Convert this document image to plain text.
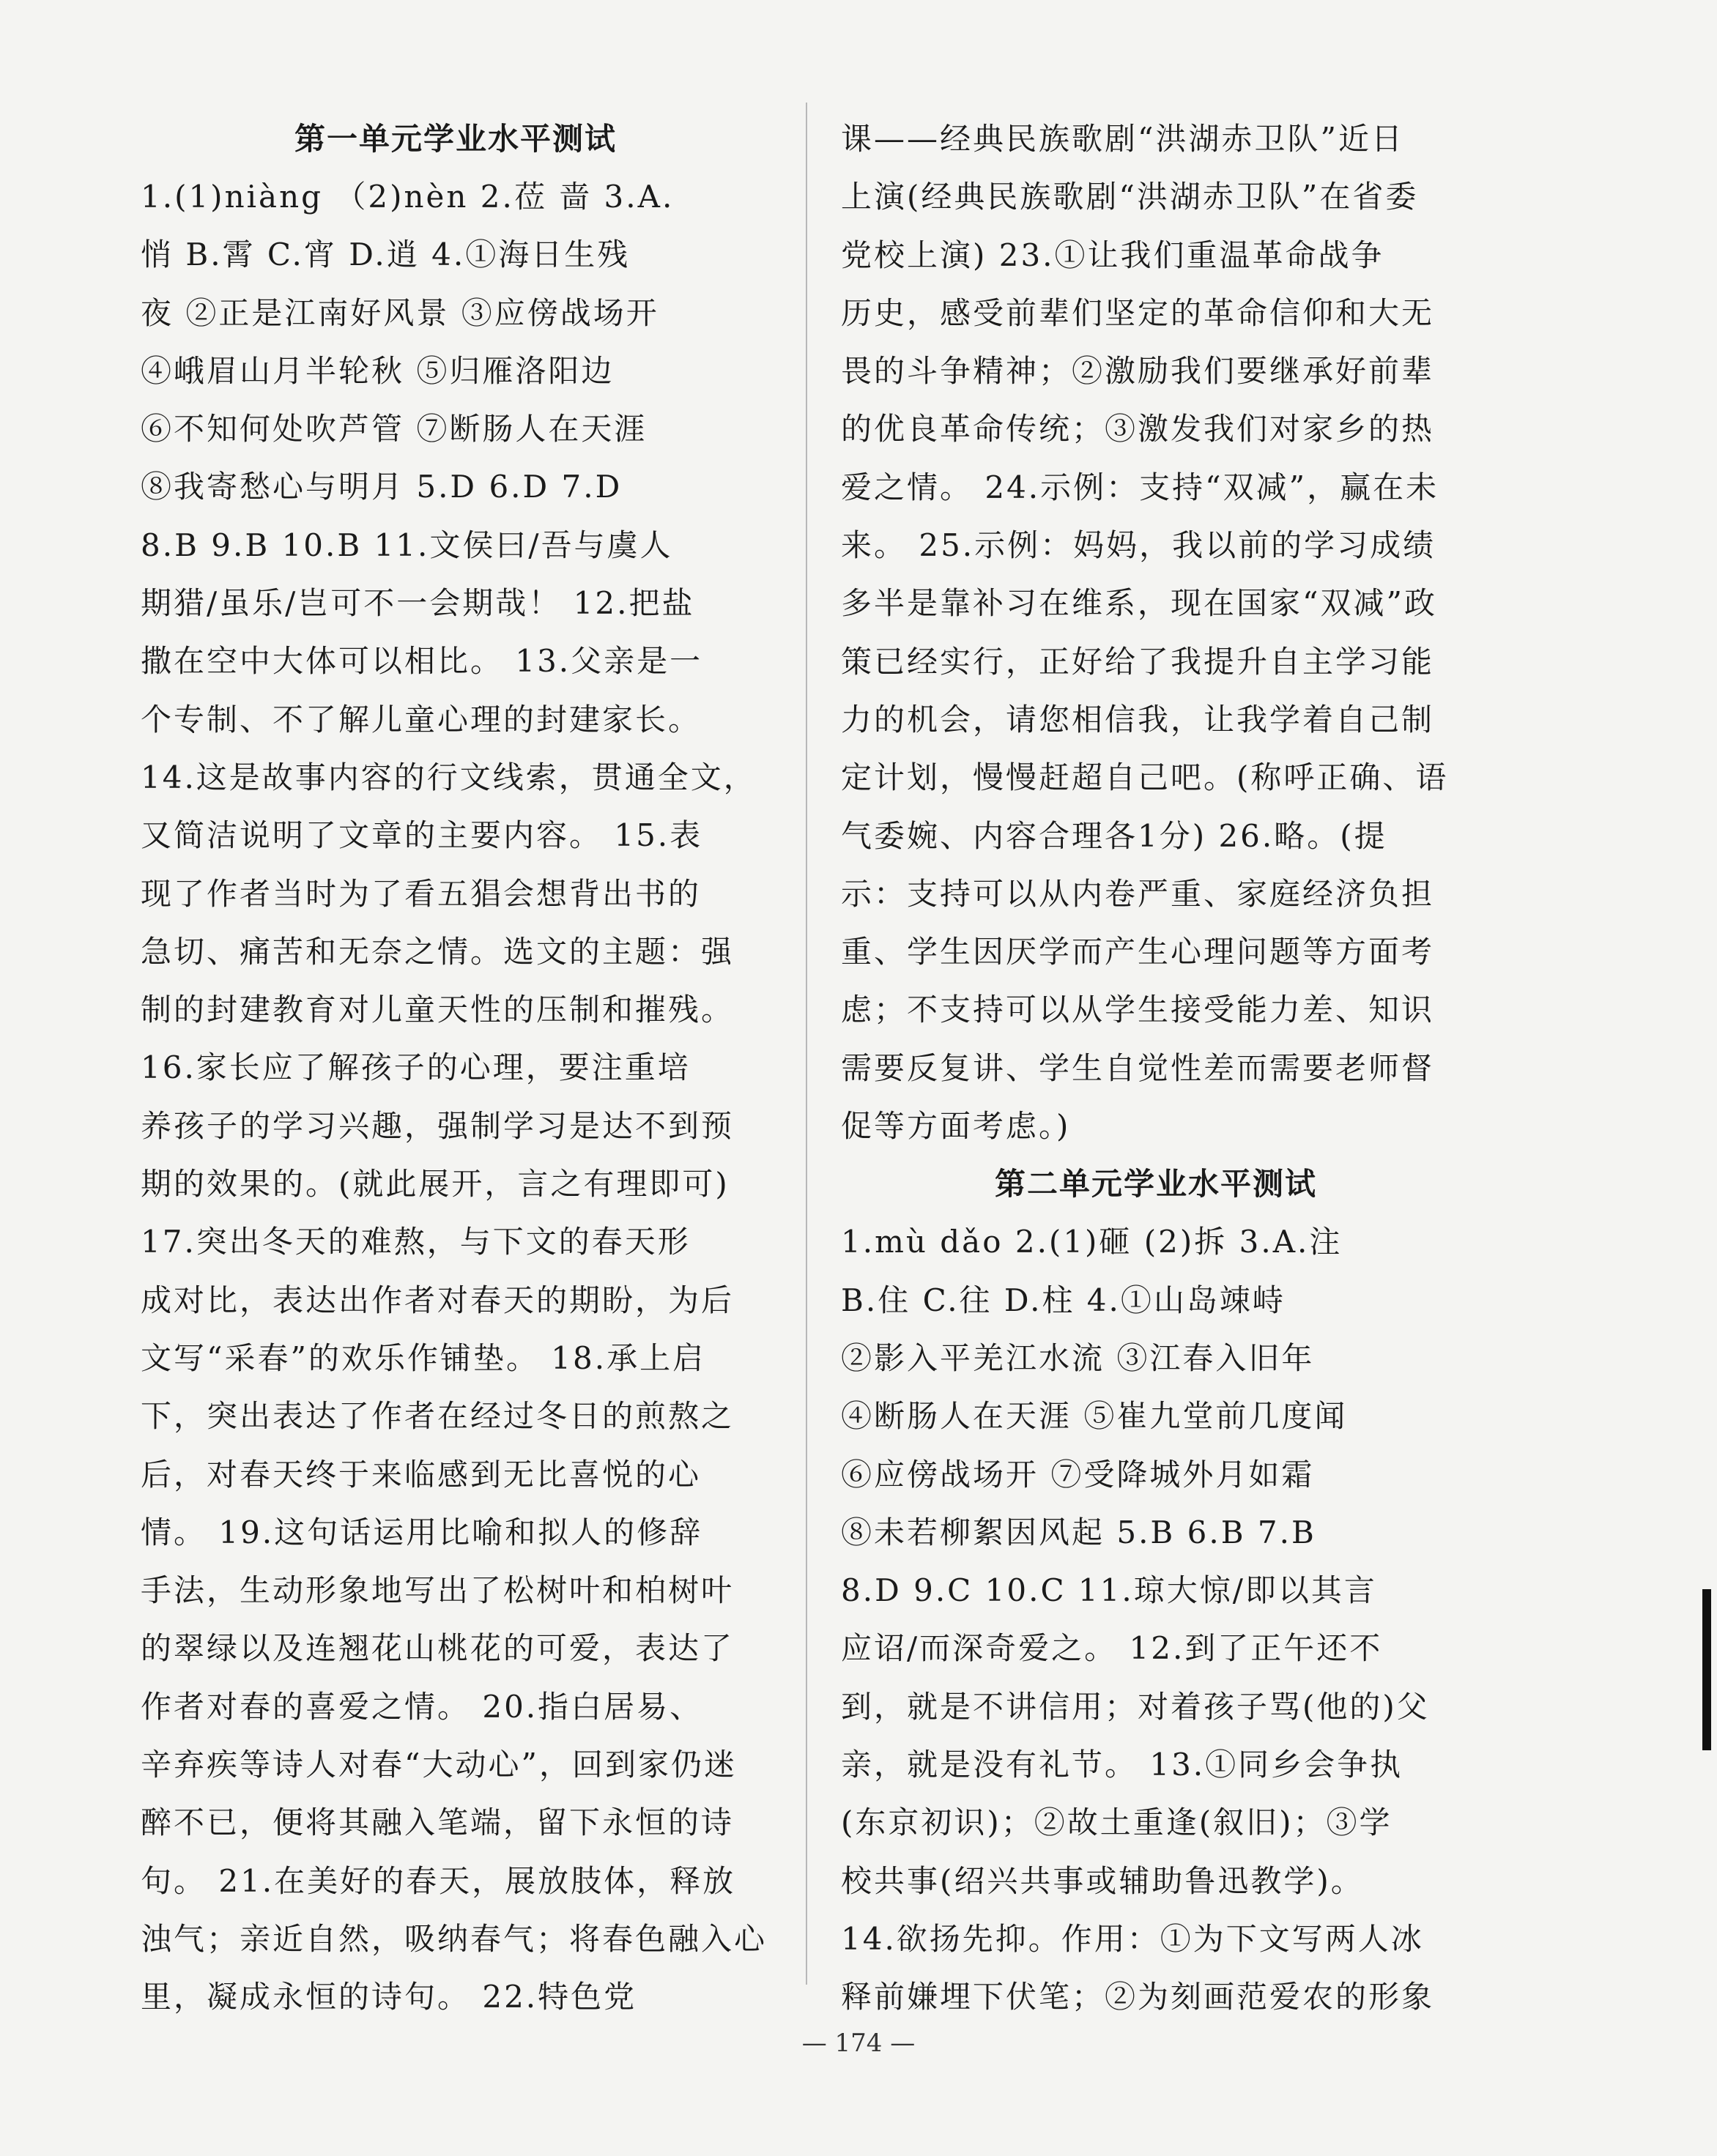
第一单元学业水平测试
1.(1)niàng （2)nèn 2.莅 啬 3.A.
悄 B.霄 C.宵 D.逍 4.①海日生残
夜 ②正是江南好风景 ③应傍战场开
④峨眉山月半轮秋 ⑤归雁洛阳边
⑥不知何处吹芦管 ⑦断肠人在天涯
⑧我寄愁心与明月 5.D 6.D 7.D
8.B 9.B 10.B 11.文侯曰/吾与虞人
期猎/虽乐/岂可不一会期哉！ 12.把盐
撒在空中大体可以相比。 13.父亲是一
个专制、不了解儿童心理的封建家长。
14.这是故事内容的行文线索，贯通全文，
又简洁说明了文章的主要内容。 15.表
现了作者当时为了看五猖会想背出书的
急切、痛苦和无奈之情。选文的主题：强
制的封建教育对儿童天性的压制和摧残。
16.家长应了解孩子的心理，要注重培
养孩子的学习兴趣，强制学习是达不到预
期的效果的。(就此展开，言之有理即可)
17.突出冬天的难熬，与下文的春天形
成对比，表达出作者对春天的期盼，为后
文写“采春”的欢乐作铺垫。 18.承上启
下，突出表达了作者在经过冬日的煎熬之
后，对春天终于来临感到无比喜悦的心
情。 19.这句话运用比喻和拟人的修辞
手法，生动形象地写出了松树叶和柏树叶
的翠绿以及连翘花山桃花的可爱，表达了
作者对春的喜爱之情。 20.指白居易、
辛弃疾等诗人对春“大动心”，回到家仍迷
醉不已，便将其融入笔端，留下永恒的诗
句。 21.在美好的春天，展放肢体，释放
浊气；亲近自然，吸纳春气；将春色融入心
里，凝成永恒的诗句。 22.特色党
课——经典民族歌剧“洪湖赤卫队”近日
上演(经典民族歌剧“洪湖赤卫队”在省委
党校上演) 23.①让我们重温革命战争
历史，感受前辈们坚定的革命信仰和大无
畏的斗争精神；②激励我们要继承好前辈
的优良革命传统；③激发我们对家乡的热
爱之情。 24.示例：支持“双减”，赢在未
来。 25.示例：妈妈，我以前的学习成绩
多半是靠补习在维系，现在国家“双减”政
策已经实行，正好给了我提升自主学习能
力的机会，请您相信我，让我学着自己制
定计划，慢慢赶超自己吧。(称呼正确、语
气委婉、内容合理各1分) 26.略。(提
示：支持可以从内卷严重、家庭经济负担
重、学生因厌学而产生心理问题等方面考
虑；不支持可以从学生接受能力差、知识
需要反复讲、学生自觉性差而需要老师督
促等方面考虑。)
第二单元学业水平测试
1.mù dǎo 2.(1)砸 (2)拆 3.A.注
B.住 C.往 D.柱 4.①山岛竦峙
②影入平羌江水流 ③江春入旧年
④断肠人在天涯 ⑤崔九堂前几度闻
⑥应傍战场开 ⑦受降城外月如霜
⑧未若柳絮因风起 5.B 6.B 7.B
8.D 9.C 10.C 11.琼大惊/即以其言
应诏/而深奇爱之。 12.到了正午还不
到，就是不讲信用；对着孩子骂(他的)父
亲，就是没有礼节。 13.①同乡会争执
(东京初识)；②故土重逢(叙旧)；③学
校共事(绍兴共事或辅助鲁迅教学)。
14.欲扬先抑。作用：①为下文写两人冰
释前嫌埋下伏笔；②为刻画范爱农的形象
— 174 —
